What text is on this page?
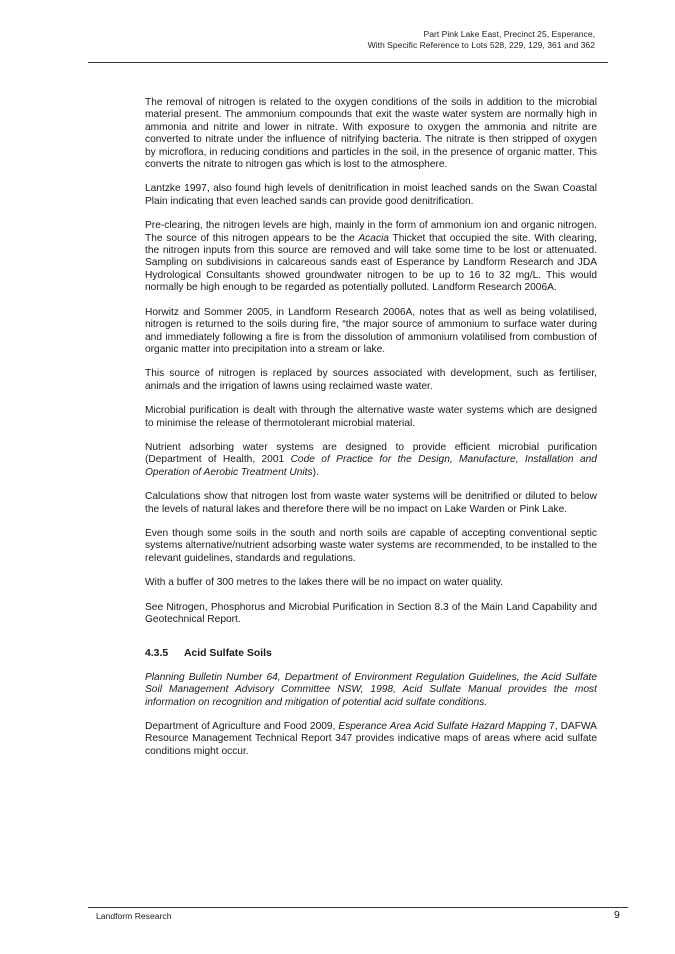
Part Pink Lake East, Precinct 25, Esperance,
With Specific Reference to Lots 528, 229, 129, 361 and 362

The removal of nitrogen is related to the oxygen conditions of the soils in addition to the microbial material present. The ammonium compounds that exit the waste water system are normally high in ammonia and nitrite and lower in nitrate. With exposure to oxygen the ammonia and nitrite are converted to nitrate under the influence of nitrifying bacteria. The nitrate is then stripped of oxygen by microflora, in reducing conditions and particles in the soil, in the presence of organic matter. This converts the nitrate to nitrogen gas which is lost to the atmosphere.

Lantzke 1997, also found high levels of denitrification in moist leached sands on the Swan Coastal Plain indicating that even leached sands can provide good denitrification.

Pre-clearing, the nitrogen levels are high, mainly in the form of ammonium ion and organic nitrogen. The source of this nitrogen appears to be the Acacia Thicket that occupied the site. With clearing, the nitrogen inputs from this source are removed and will take some time to be lost or attenuated. Sampling on subdivisions in calcareous sands east of Esperance by Landform Research and JDA Hydrological Consultants showed groundwater nitrogen to be up to 16 to 32 mg/L. This would normally be high enough to be regarded as potentially polluted. Landform Research 2006A.

Horwitz and Sommer 2005, in Landform Research 2006A, notes that as well as being volatilised, nitrogen is returned to the soils during fire, “the major source of ammonium to surface water during and immediately following a fire is from the dissolution of ammonium volatilised from combustion of organic matter into precipitation into a stream or lake.

This source of nitrogen is replaced by sources associated with development, such as fertiliser, animals and the irrigation of lawns using reclaimed waste water.

Microbial purification is dealt with through the alternative waste water systems which are designed to minimise the release of thermotolerant microbial material.

Nutrient adsorbing water systems are designed to provide efficient microbial purification (Department of Health, 2001 Code of Practice for the Design, Manufacture, Installation and Operation of Aerobic Treatment Units).

Calculations show that nitrogen lost from waste water systems will be denitrified or diluted to below the levels of natural lakes and therefore there will be no impact on Lake Warden or Pink Lake.

Even though some soils in the south and north soils are capable of accepting conventional septic systems alternative/nutrient adsorbing waste water systems are recommended, to be installed to the relevant guidelines, standards and regulations.

With a buffer of 300 metres to the lakes there will be no impact on water quality.

See Nitrogen, Phosphorus and Microbial Purification in Section 8.3 of the Main Land Capability and Geotechnical Report.

4.3.5 Acid Sulfate Soils

Planning Bulletin Number 64, Department of Environment Regulation Guidelines, the Acid Sulfate Soil Management Advisory Committee NSW, 1998, Acid Sulfate Manual provides the most information on recognition and mitigation of potential acid sulfate conditions.

Department of Agriculture and Food 2009, Esperance Area Acid Sulfate Hazard Mapping 7, DAFWA Resource Management Technical Report 347 provides indicative maps of areas where acid sulfate conditions might occur.

Landform Research	9
